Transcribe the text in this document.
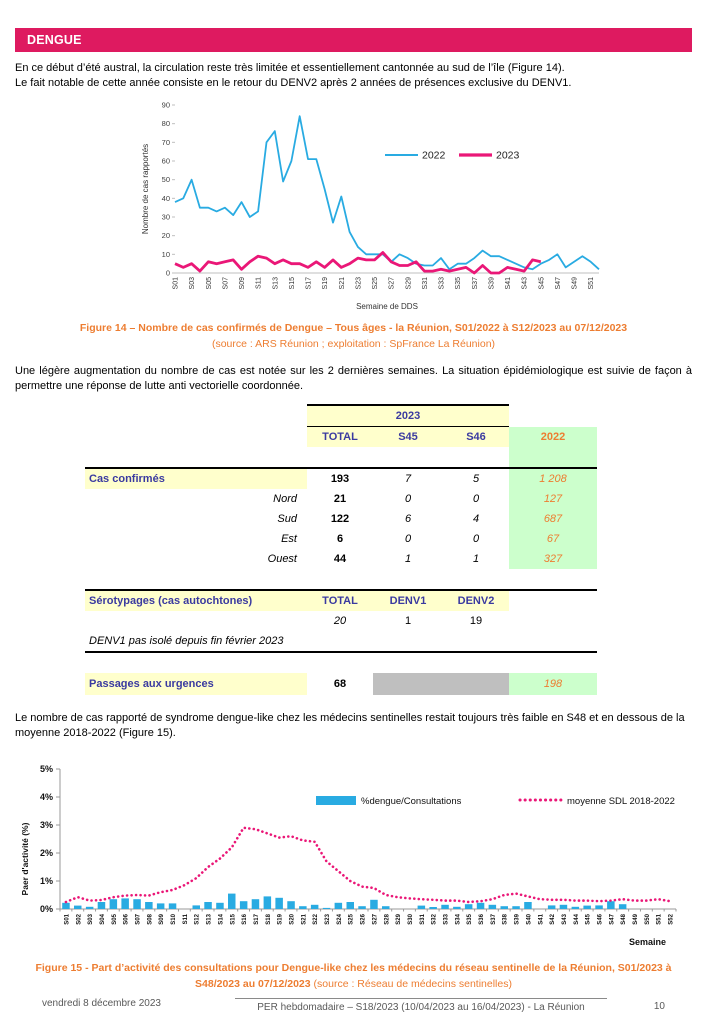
DENGUE
En ce début d’été austral, la circulation reste très limitée et essentiellement cantonnée au sud de l’île (Figure 14).
Le fait notable de cette année consiste en le retour du DENV2 après 2 années de présences exclusive du DENV1.
0
10
20
30
40
50
60
70
80
90
S01 S03 S05 S07 S09 S11 S13 S15 S17 S19 S21 S23 S25 S27 S29 S31 S33 S35 S37 S39 S41 S43 S45 S47 S49 S51
Semaine de DDS
Nombre de cas rapportés	2022	2023
Figure 14 – Nombre de cas confirmés de Dengue – Tous âges - la Réunion, S01/2022 à S12/2023 au 07/12/2023
(source : ARS Réunion ; exploitation : SpFrance La Réunion)
Une légère augmentation du nombre de cas est notée sur les 2 dernières semaines. La situation épidémiologique est suivie de façon à permettre une réponse de lutte anti vectorielle coordonnée.
	2023			
	TOTAL	S45	S46	2022

Cas confirmés	193	7	5	1 208
Nord	21	0	0	127
Sud	122	6	4	687
Est	6	0	0	67
Ouest	44	1	1	327

Sérotypages (cas autochtones)	TOTAL	DENV1	DENV2	
	20	1	19	
DENV1 pas isolé depuis fin février 2023				

Passages aux urgences	68			198
Le nombre de cas rapporté de syndrome dengue-like chez les médecins sentinelles restait toujours très faible en S48 et en dessous de la moyenne 2018-2022 (Figure 15).
0%
1%
2%
3%
4%
5%
S01 S02 S03 S04 S05 S06 S07 S08 S09 S10 S11 S12 S13 S14 S15 S16 S17 S18 S19 S20 S21 S22 S23 S24 S25 S26 S27 S28 S29 S30 S31 S32 S33 S34 S35 S36 S37 S38 S39 S40 S41 S42 S43 S44 S45 S46 S47 S48 S49 S50 S51 S52
Semaine
Paer d'activité (%)
%dengue/Consultations	moyenne SDL 2018-2022
Figure 15 - Part d’activité des consultations pour Dengue-like chez les médecins du réseau sentinelle de la Réunion, S01/2023 à S48/2023 au 07/12/2023 (source : Réseau de médecins sentinelles)
vendredi 8 décembre 2023	PER hebdomadaire – S18/2023 (10/04/2023 au 16/04/2023) - La Réunion	10
